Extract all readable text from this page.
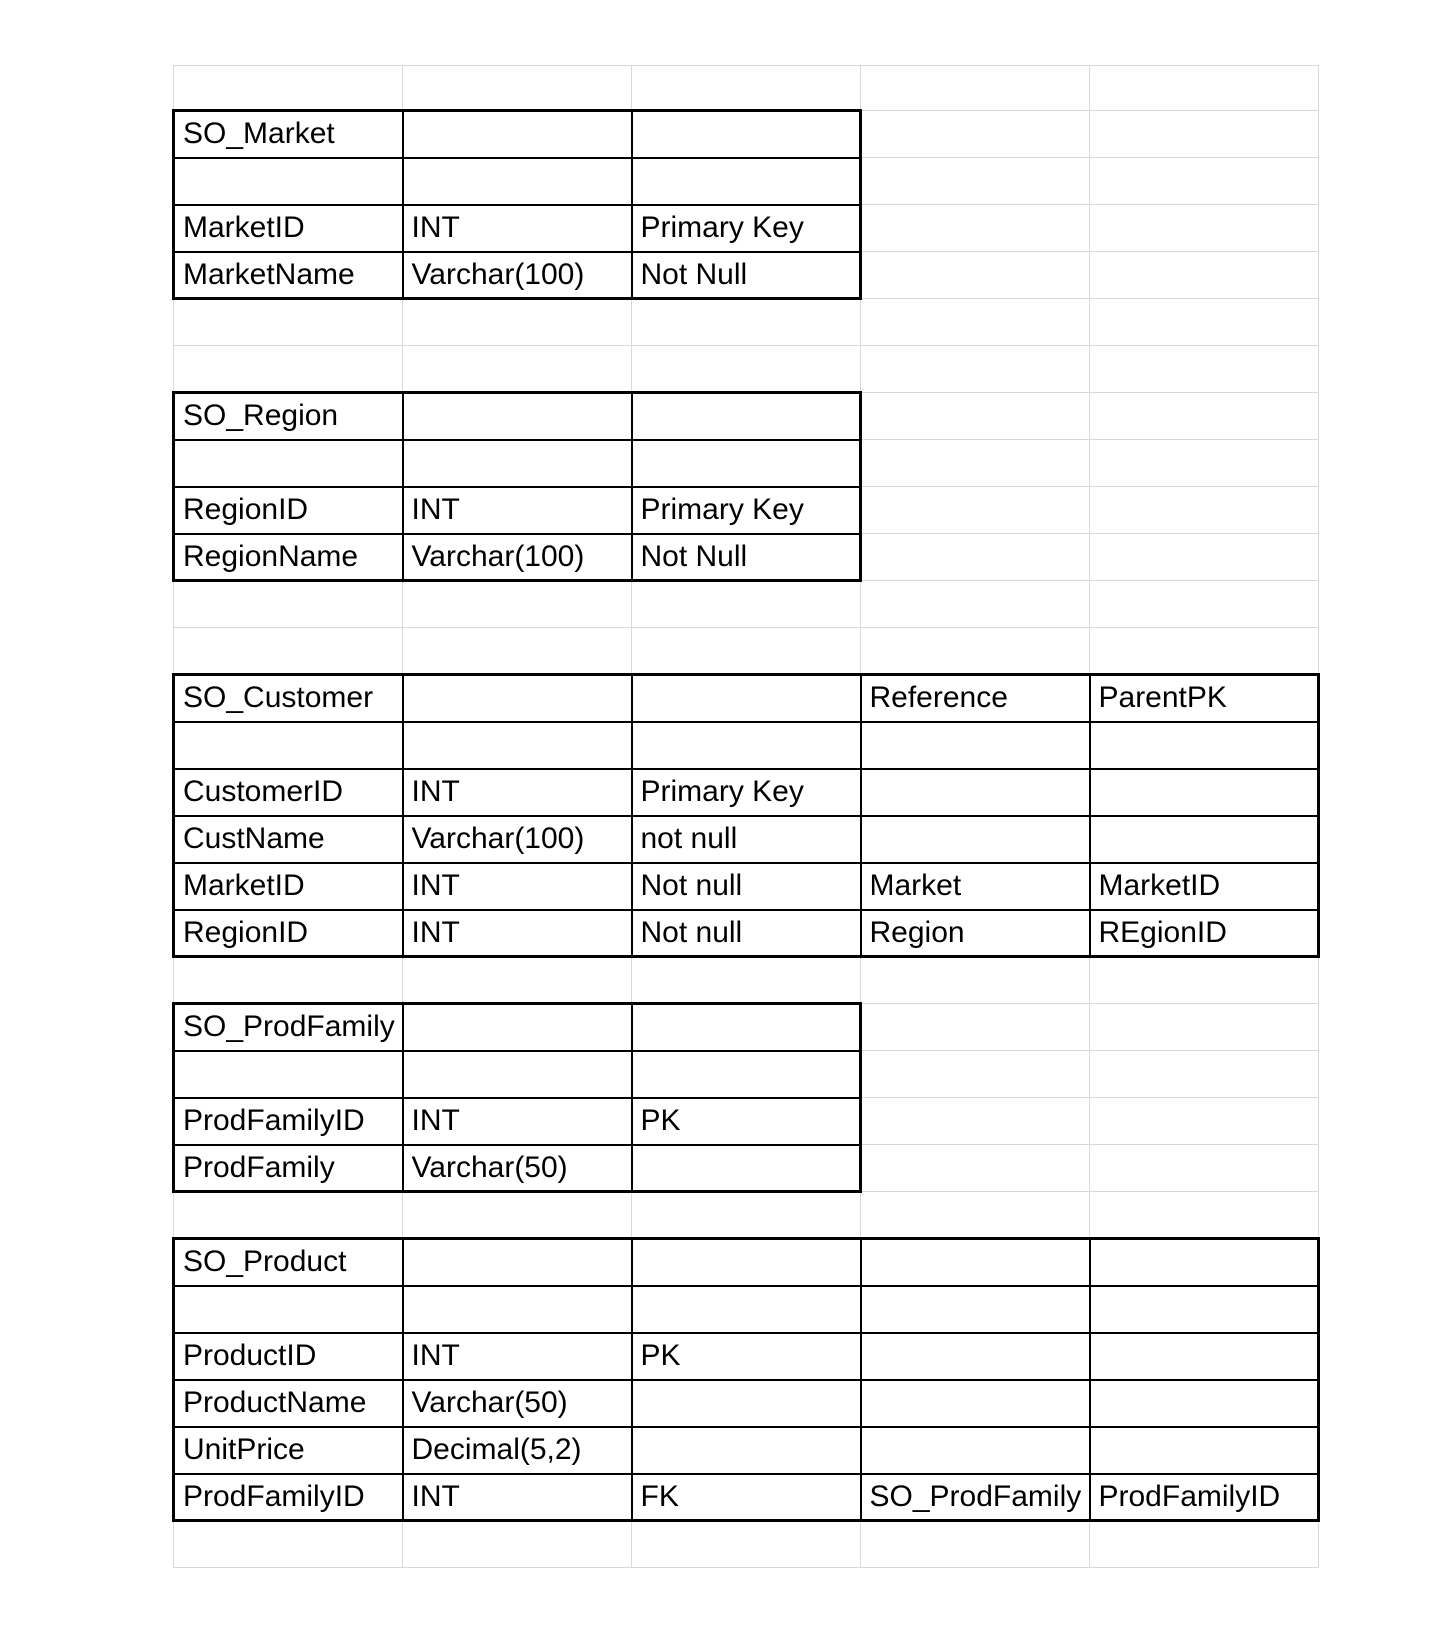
SO_Market				

MarketID	INT	Primary Key		
MarketName	Varchar(100)	Not Null		

SO_Region				

RegionID	INT	Primary Key		
RegionName	Varchar(100)	Not Null		

SO_Customer			Reference	ParentPK

CustomerID	INT	Primary Key		
CustName	Varchar(100)	not null		
MarketID	INT	Not null	Market	MarketID
RegionID	INT	Not null	Region	REgionID

SO_ProdFamily				

ProdFamilyID	INT	PK		
ProdFamily	Varchar(50)			

SO_Product				

ProductID	INT	PK		
ProductName	Varchar(50)			
UnitPrice	Decimal(5,2)			
ProdFamilyID	INT	FK	SO_ProdFamily	ProdFamilyID
